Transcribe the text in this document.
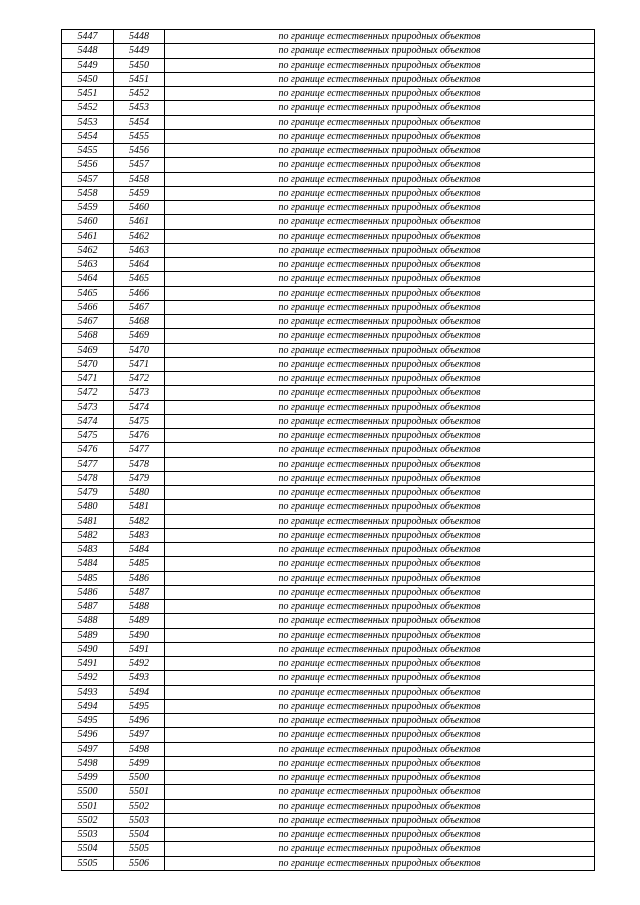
5447	5448	по границе естественных природных объектов
5448	5449	по границе естественных природных объектов
5449	5450	по границе естественных природных объектов
5450	5451	по границе естественных природных объектов
5451	5452	по границе естественных природных объектов
5452	5453	по границе естественных природных объектов
5453	5454	по границе естественных природных объектов
5454	5455	по границе естественных природных объектов
5455	5456	по границе естественных природных объектов
5456	5457	по границе естественных природных объектов
5457	5458	по границе естественных природных объектов
5458	5459	по границе естественных природных объектов
5459	5460	по границе естественных природных объектов
5460	5461	по границе естественных природных объектов
5461	5462	по границе естественных природных объектов
5462	5463	по границе естественных природных объектов
5463	5464	по границе естественных природных объектов
5464	5465	по границе естественных природных объектов
5465	5466	по границе естественных природных объектов
5466	5467	по границе естественных природных объектов
5467	5468	по границе естественных природных объектов
5468	5469	по границе естественных природных объектов
5469	5470	по границе естественных природных объектов
5470	5471	по границе естественных природных объектов
5471	5472	по границе естественных природных объектов
5472	5473	по границе естественных природных объектов
5473	5474	по границе естественных природных объектов
5474	5475	по границе естественных природных объектов
5475	5476	по границе естественных природных объектов
5476	5477	по границе естественных природных объектов
5477	5478	по границе естественных природных объектов
5478	5479	по границе естественных природных объектов
5479	5480	по границе естественных природных объектов
5480	5481	по границе естественных природных объектов
5481	5482	по границе естественных природных объектов
5482	5483	по границе естественных природных объектов
5483	5484	по границе естественных природных объектов
5484	5485	по границе естественных природных объектов
5485	5486	по границе естественных природных объектов
5486	5487	по границе естественных природных объектов
5487	5488	по границе естественных природных объектов
5488	5489	по границе естественных природных объектов
5489	5490	по границе естественных природных объектов
5490	5491	по границе естественных природных объектов
5491	5492	по границе естественных природных объектов
5492	5493	по границе естественных природных объектов
5493	5494	по границе естественных природных объектов
5494	5495	по границе естественных природных объектов
5495	5496	по границе естественных природных объектов
5496	5497	по границе естественных природных объектов
5497	5498	по границе естественных природных объектов
5498	5499	по границе естественных природных объектов
5499	5500	по границе естественных природных объектов
5500	5501	по границе естественных природных объектов
5501	5502	по границе естественных природных объектов
5502	5503	по границе естественных природных объектов
5503	5504	по границе естественных природных объектов
5504	5505	по границе естественных природных объектов
5505	5506	по границе естественных природных объектов
